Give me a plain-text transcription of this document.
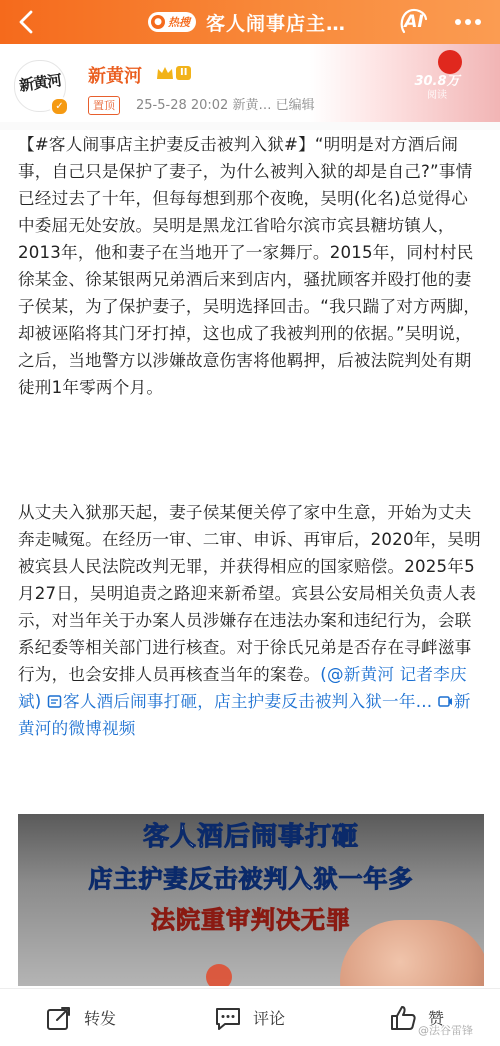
● 热搜 客人闹事店主…	AI
新黄河
✓
新黄河	II
置顶	25-5-28 20:02 新黄… 已编辑
30.8万
阅读

【#客人闹事店主护妻反击被判入狱#】“明明是对方酒后闹事，自己只是保护了妻子，为什么被判入狱的却是自己?”事情已经过去了十年，但每每想到那个夜晚，吴明(化名)总觉得心中委屈无处安放。吴明是黑龙江省哈尔滨市宾县糖坊镇人，2013年，他和妻子在当地开了一家舞厅。2015年，同村村民徐某金、徐某银两兄弟酒后来到店内，骚扰顾客并殴打他的妻子侯某，为了保护妻子，吴明选择回击。“我只踹了对方两脚，却被诬陷将其门牙打掉，这也成了我被判刑的依据。”吴明说，之后，当地警方以涉嫌故意伤害将他羁押，后被法院判处有期徒刑1年零两个月。

从丈夫入狱那天起，妻子侯某便关停了家中生意，开始为丈夫奔走喊冤。在经历一审、二审、申诉、再审后，2020年，吴明被宾县人民法院改判无罪，并获得相应的国家赔偿。2025年5月27日，吴明追责之路迎来新希望。宾县公安局相关负责人表示，对当年关于办案人员涉嫌存在违法办案和违纪行为，会联系纪委等相关部门进行核查。对于徐氏兄弟是否存在寻衅滋事行为，也会安排人员再核查当年的案卷。(@新黄河 记者李庆斌) 客人酒后闹事打砸，店主护妻反击被判入狱一年… 新黄河的微博视频

客人酒后闹事打砸
店主护妻反击被判入狱一年多
法院重审判决无罪
转发	评论	赞
@法谷雷锋
